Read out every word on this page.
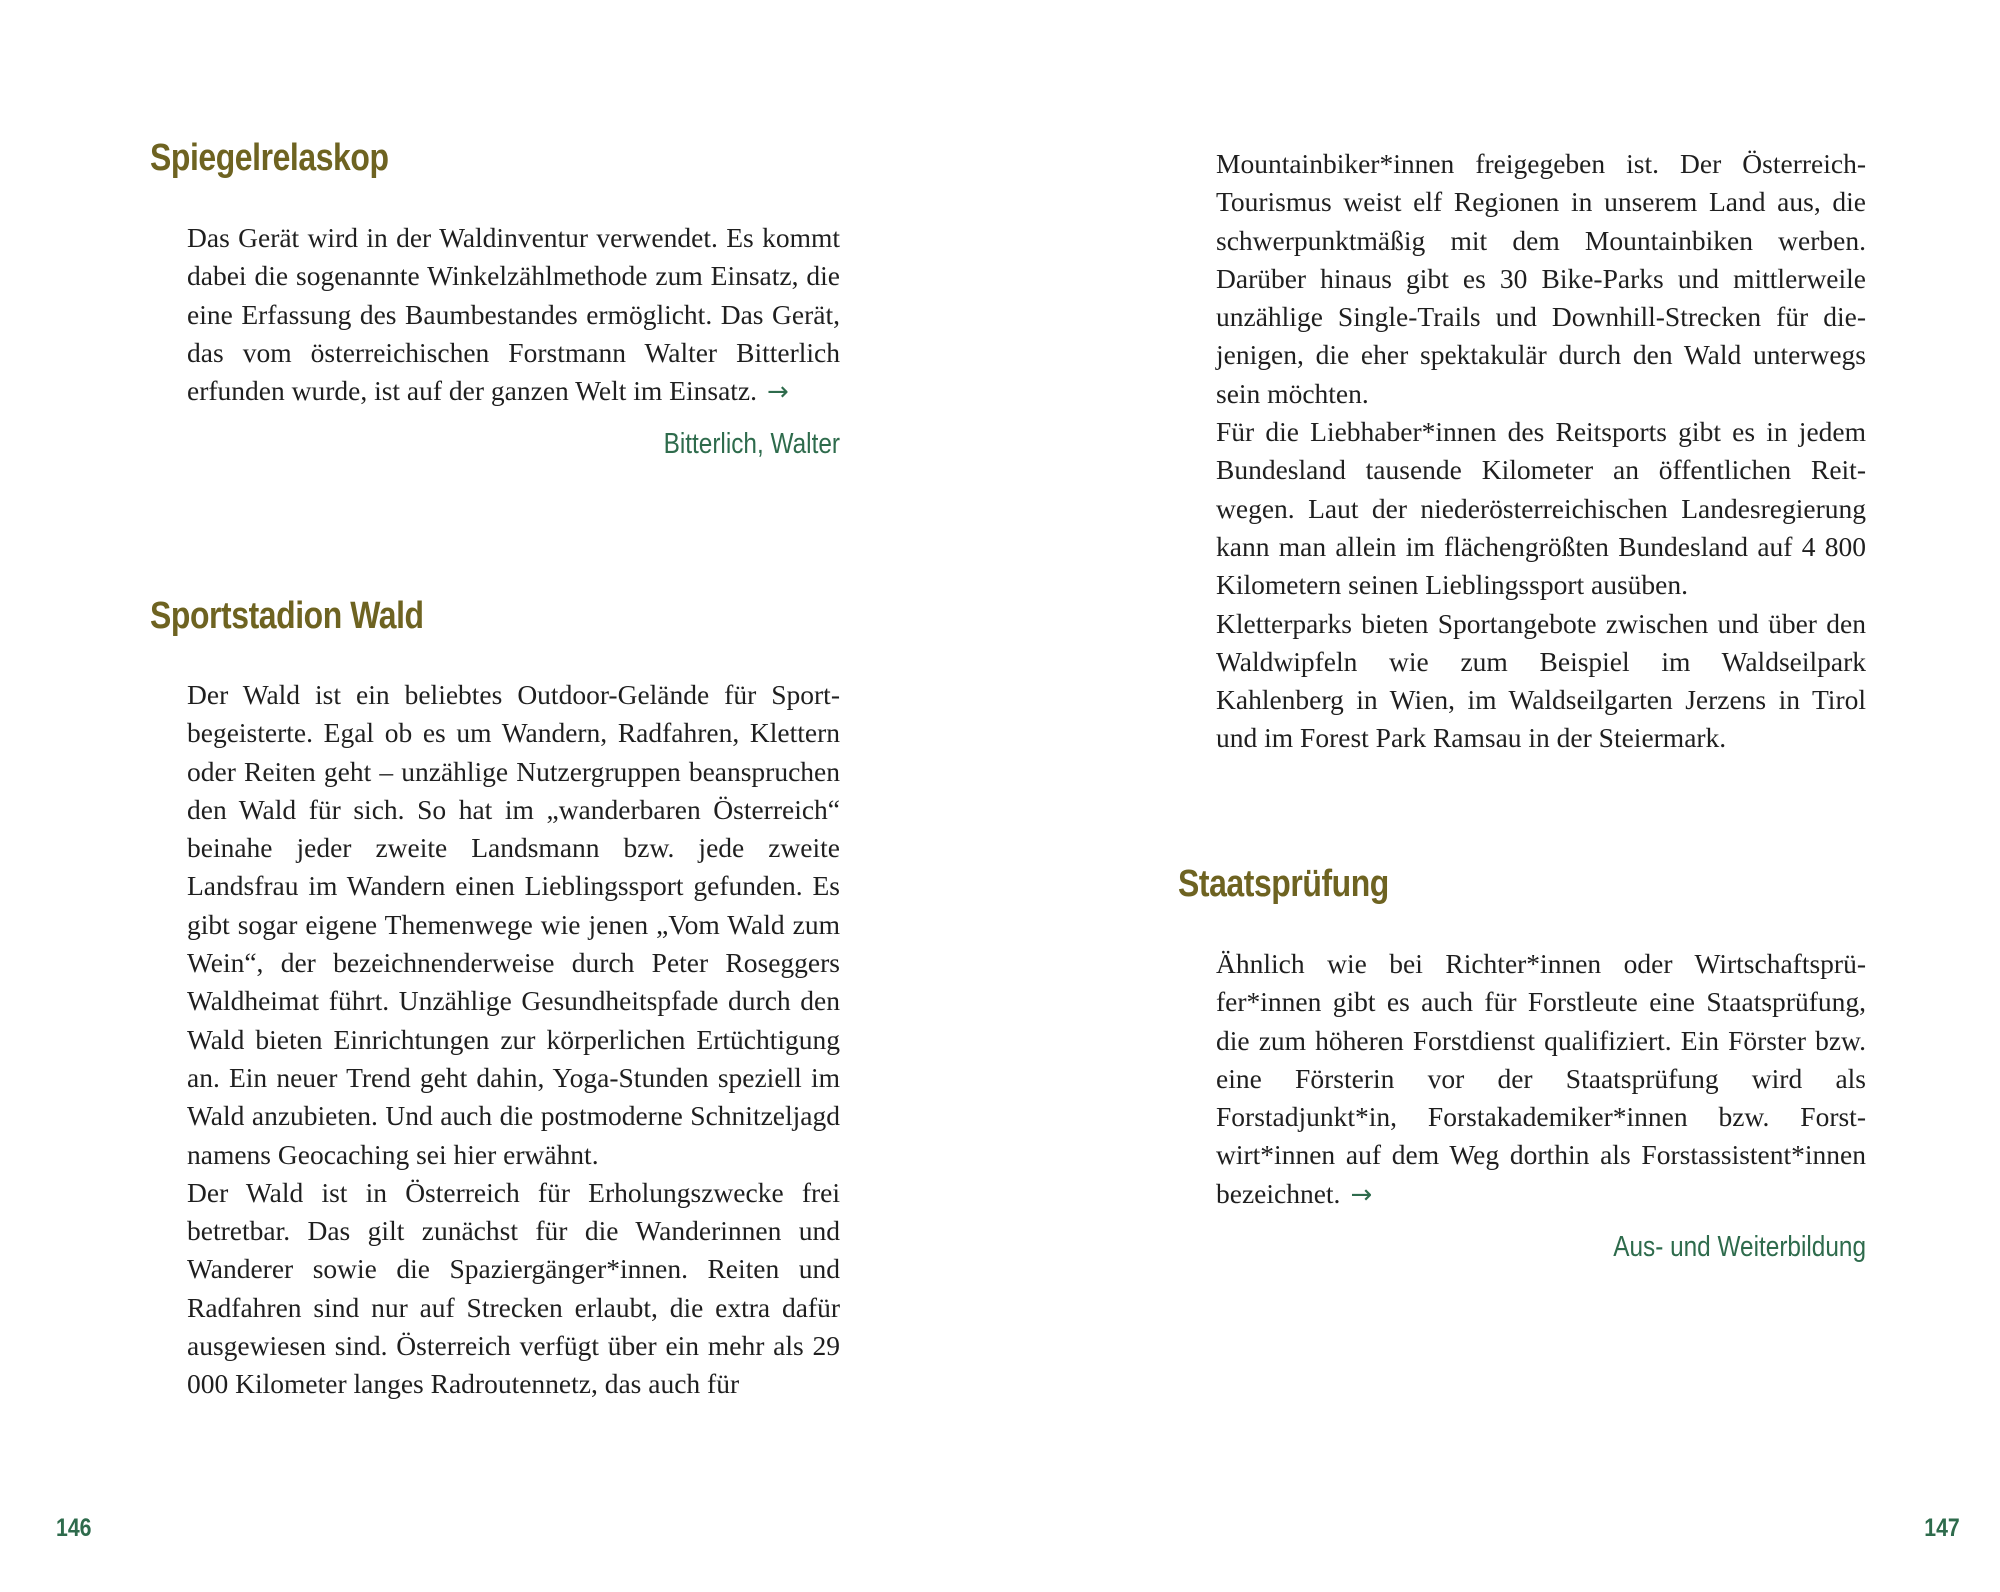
Spiegelrelaskop

Das Gerät wird in der Waldinventur verwendet. Es kommt dabei die sogenannte Winkelzählmethode zum Einsatz, die eine Erfassung des Baumbestandes ermöglicht. Das Gerät, das vom österreichischen Forstmann Walter Bitterlich erfunden wurde, ist auf der ganzen Welt im Einsatz. →

Bitterlich, Walter
Sportstadion Wald

Der Wald ist ein beliebtes Outdoor-Gelände für Sportbegeisterte. Egal ob es um Wandern, Radfahren, Klettern oder Reiten geht – unzählige Nutzergruppen beanspruchen den Wald für sich. So hat im „wanderbaren Österreich“ beinahe jeder zweite Landsmann bzw. jede zweite Landsfrau im Wandern einen Lieblingssport gefunden. Es gibt sogar eigene Themenwege wie jenen „Vom Wald zum Wein“, der bezeichnenderweise durch Peter Roseggers Waldheimat führt. Unzählige Gesundheitspfade durch den Wald bieten Einrichtungen zur körperlichen Ertüchtigung an. Ein neuer Trend geht dahin, Yoga-Stunden speziell im Wald anzubieten. Und auch die postmoderne Schnitzeljagd namens Geocaching sei hier erwähnt.

Der Wald ist in Österreich für Erholungszwecke frei betretbar. Das gilt zunächst für die Wanderinnen und Wanderer sowie die Spaziergänger*innen. Reiten und Radfahren sind nur auf Strecken erlaubt, die extra dafür ausgewiesen sind. Österreich verfügt über ein mehr als 29 000 Kilometer langes Radroutennetz, das auch für

146

Mountainbiker*innen freigegeben ist. Der Österreich-Tourismus weist elf Regionen in unserem Land aus, die schwerpunktmäßig mit dem Mountainbiken werben. Darüber hinaus gibt es 30 Bike-Parks und mittlerweile unzählige Single-Trails und Downhill-Strecken für diejenigen, die eher spektakulär durch den Wald unterwegs sein möchten.

Für die Liebhaber*innen des Reitsports gibt es in jedem Bundesland tausende Kilometer an öffentlichen Reitwegen. Laut der niederösterreichischen Landesregierung kann man allein im flächengrößten Bundesland auf 4 800 Kilometern seinen Lieblingssport ausüben.

Kletterparks bieten Sportangebote zwischen und über den Waldwipfeln wie zum Beispiel im Waldseilpark Kahlenberg in Wien, im Waldseilgarten Jerzens in Tirol und im Forest Park Ramsau in der Steiermark.

Staatsprüfung

Ähnlich wie bei Richter*innen oder Wirtschaftsprüfer*innen gibt es auch für Forstleute eine Staatsprüfung, die zum höheren Forstdienst qualifiziert. Ein Förster bzw. eine Försterin vor der Staatsprüfung wird als Forstadjunkt*in, Forstakademiker*innen bzw. Forstwirt*innen auf dem Weg dorthin als Forstassistent*innen bezeichnet. →

Aus- und Weiterbildung
147
